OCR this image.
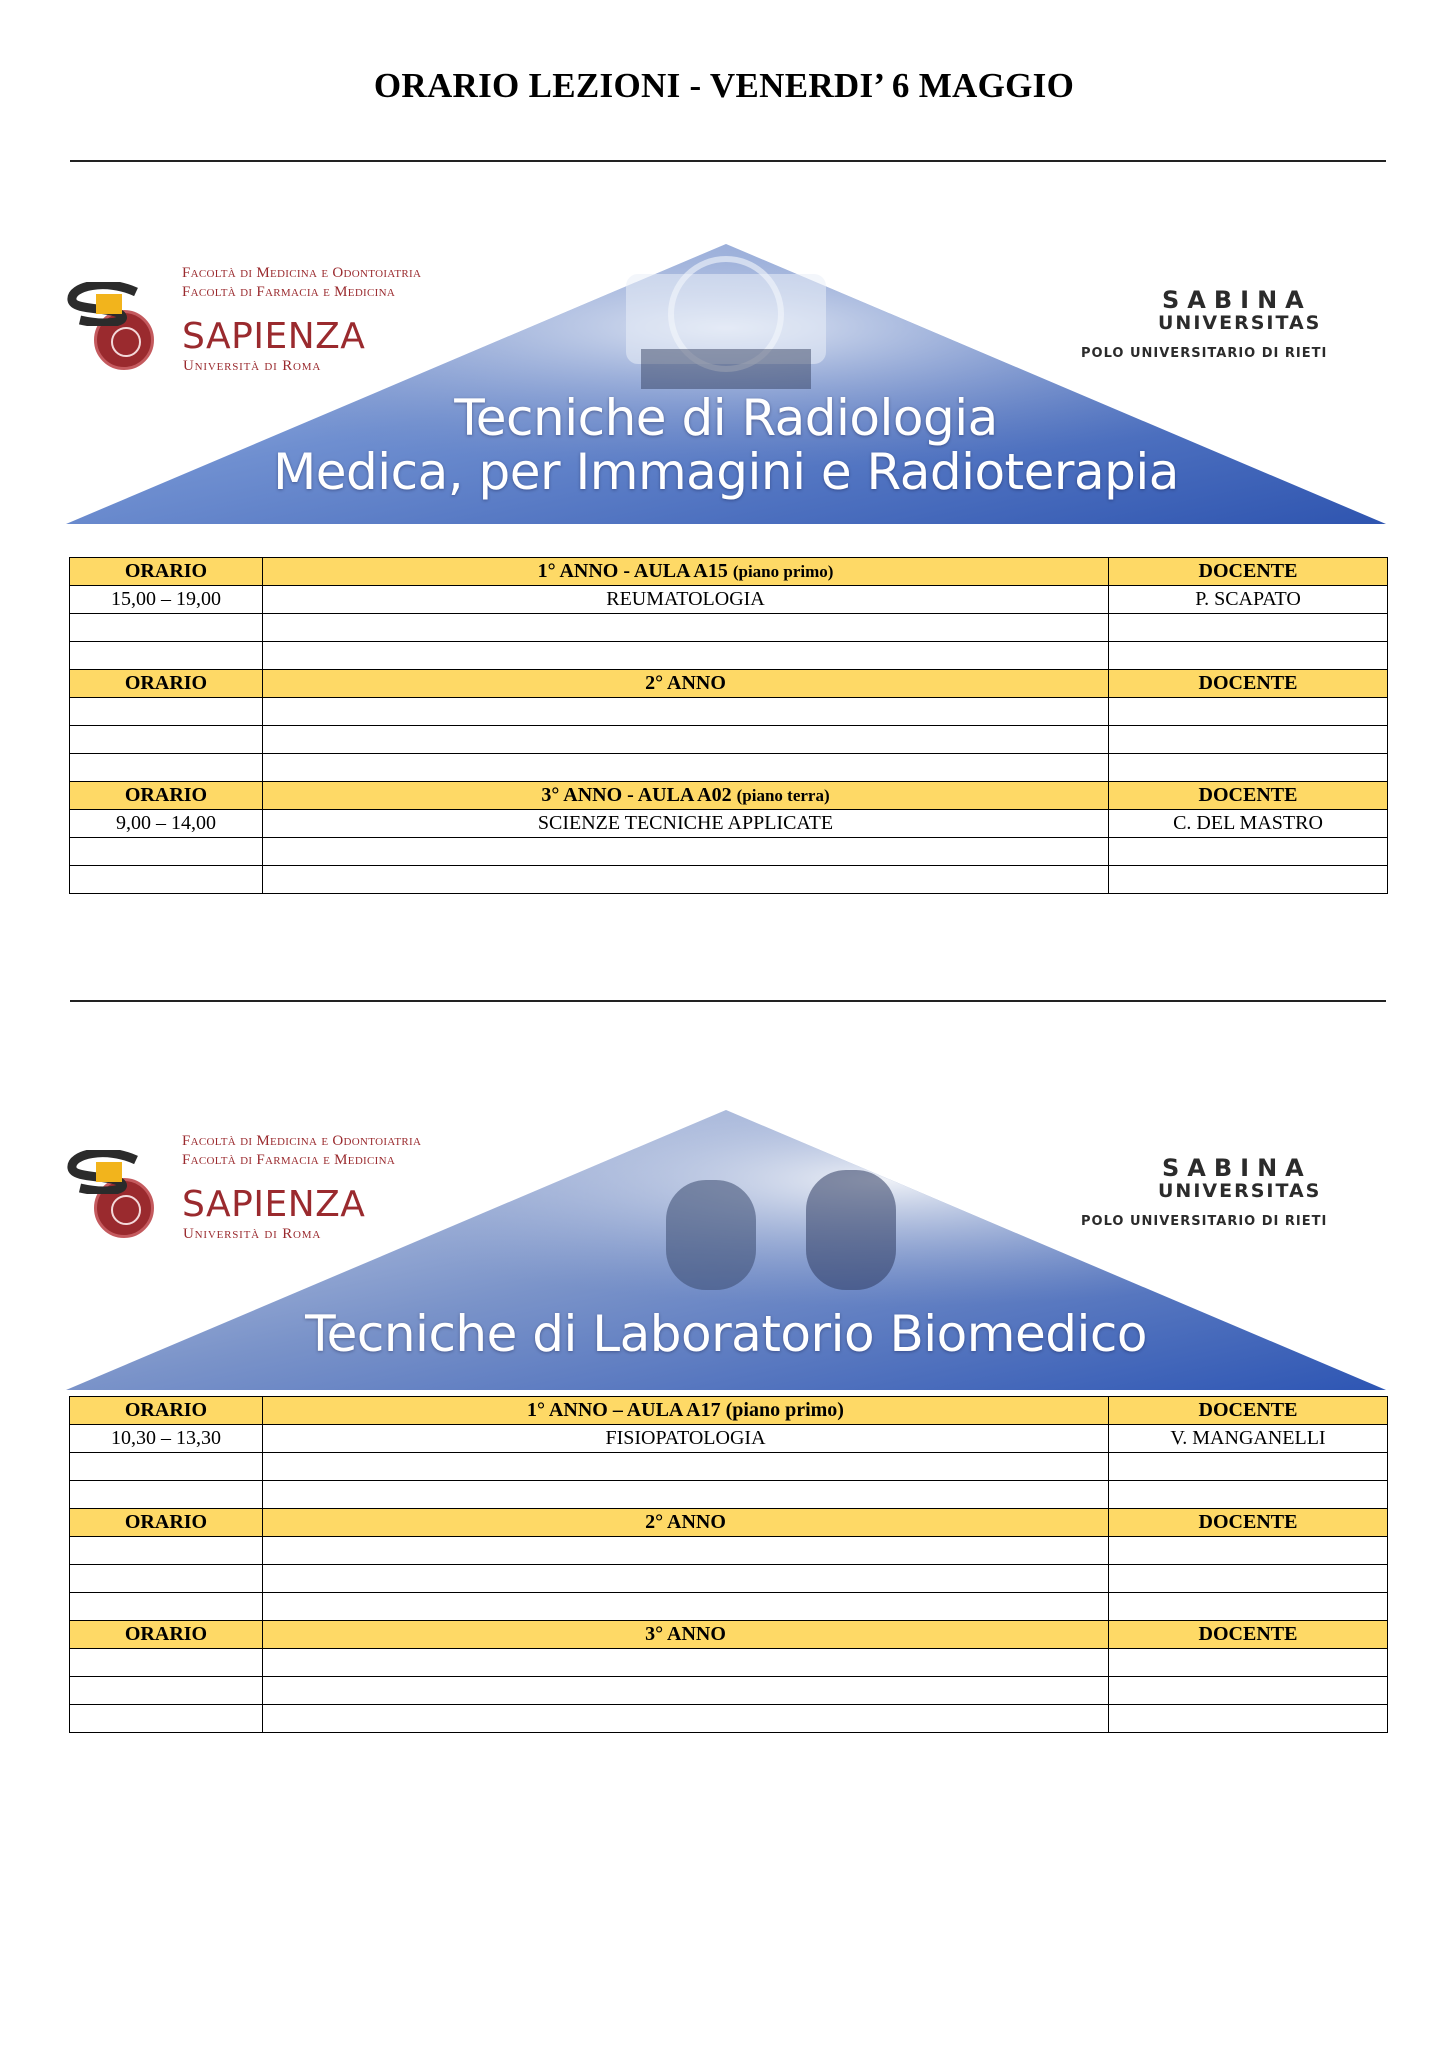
ORARIO LEZIONI - VENERDI’ 6 MAGGIO
Tecniche di Radiologia
Medica, per Immagini e Radioterapia
Facoltà di Medicina e Odontoiatria
Facoltà di Farmacia e Medicina
SAPIENZA
Università di Roma
SABINA
UNIVERSITAS
POLO UNIVERSITARIO DI RIETI
ORARIO	1° ANNO - AULA A15 (piano primo)	DOCENTE
15,00 – 19,00	REUMATOLOGIA	P. SCAPATO

ORARIO	2° ANNO	DOCENTE

ORARIO	3° ANNO - AULA A02 (piano terra)	DOCENTE
9,00 – 14,00	SCIENZE TECNICHE APPLICATE	C. DEL MASTRO

Tecniche di Laboratorio Biomedico
Facoltà di Medicina e Odontoiatria
Facoltà di Farmacia e Medicina
SAPIENZA
Università di Roma
SABINA
UNIVERSITAS
POLO UNIVERSITARIO DI RIETI
ORARIO	1° ANNO – AULA A17 (piano primo)	DOCENTE
10,30 – 13,30	FISIOPATOLOGIA	V. MANGANELLI

ORARIO	2° ANNO	DOCENTE

ORARIO	3° ANNO	DOCENTE
